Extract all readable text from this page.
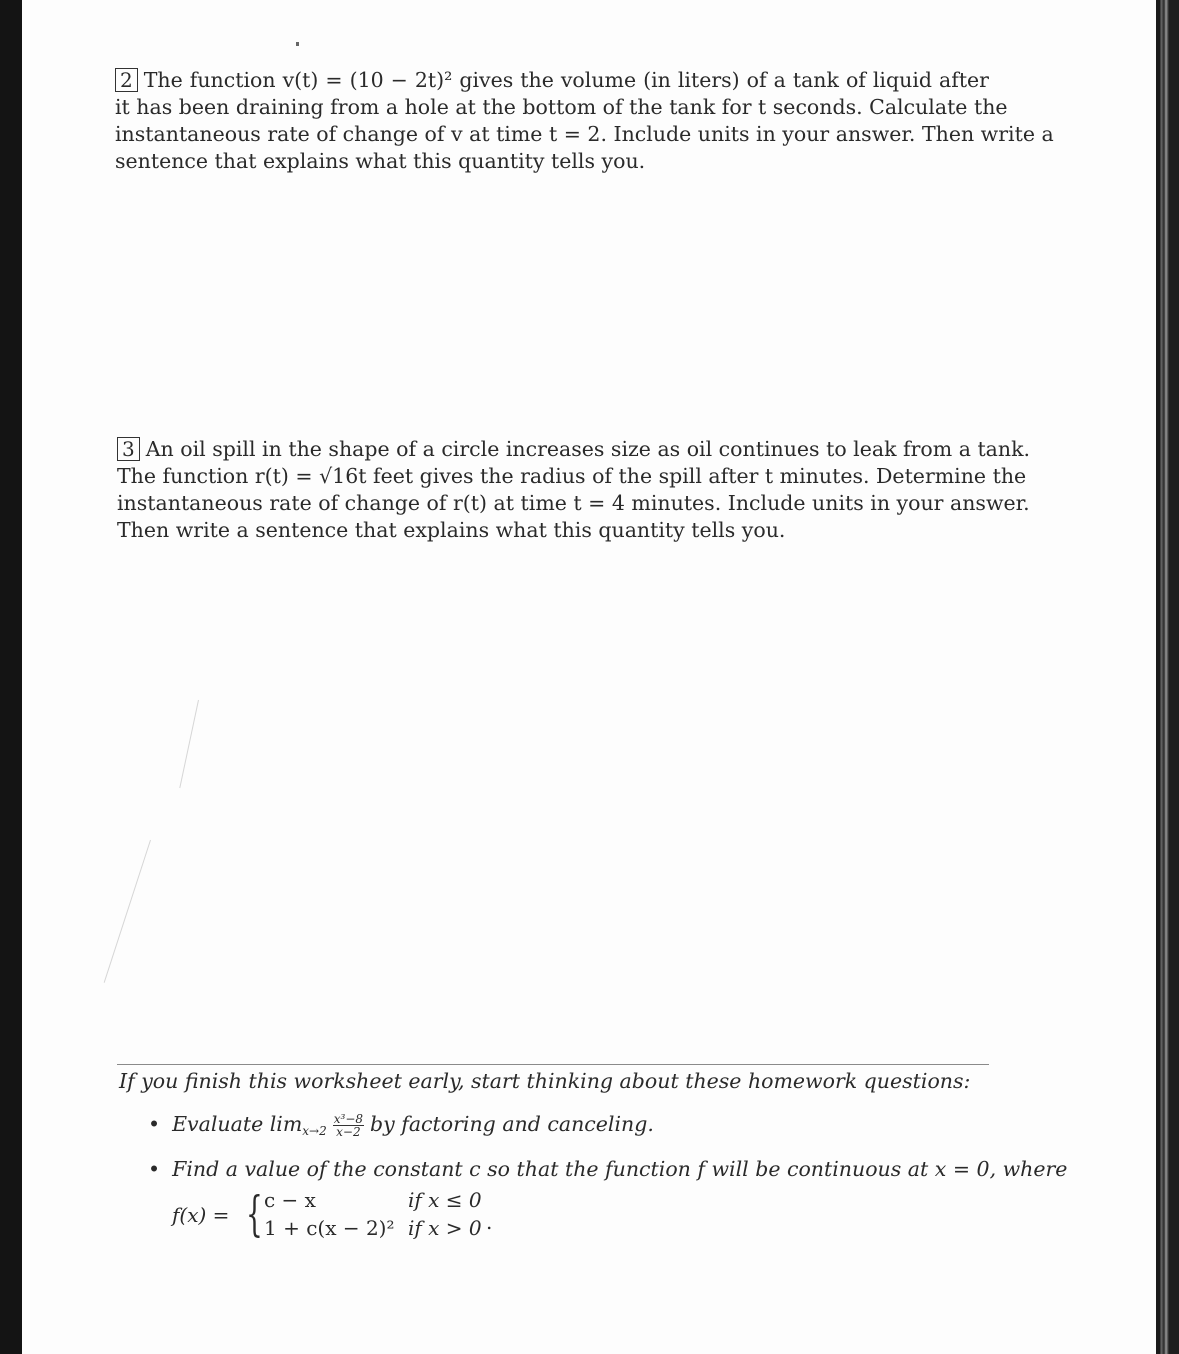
2 The function v(t) = (10 − 2t)² gives the volume (in liters) of a tank of liquid after
it has been draining from a hole at the bottom of the tank for t seconds. Calculate the
instantaneous rate of change of v at time t = 2. Include units in your answer. Then write a
sentence that explains what this quantity tells you.
3 An oil spill in the shape of a circle increases size as oil continues to leak from a tank.
The function r(t) = √16t feet gives the radius of the spill after t minutes. Determine the
instantaneous rate of change of r(t) at time t = 4 minutes. Include units in your answer.
Then write a sentence that explains what this quantity tells you.
If you finish this worksheet early, start thinking about these homework questions:
• Evaluate $\lim_{x\to 2} \frac{\text{x³−8}}{x-2}$ by factoring and canceling.
• Find a value of the constant c so that the function f will be continuous at x = 0, where
f(x) = { c − x	if x ≤ 0
1 + c(x − 2)² if x > 0 .
